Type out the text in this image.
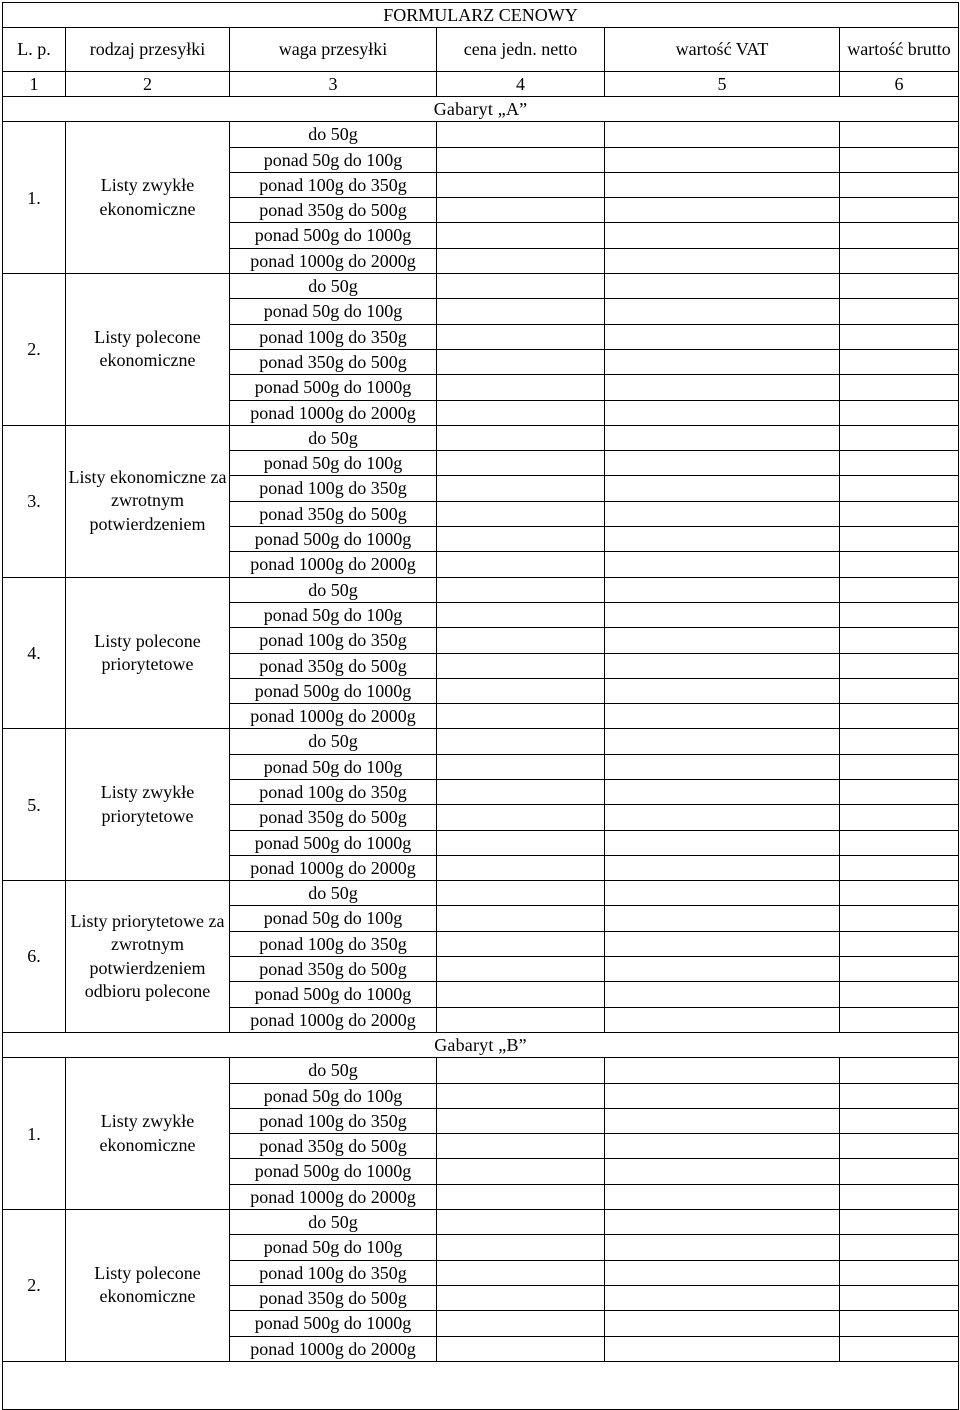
FORMULARZ CENOWY					
L. p.	rodzaj przesyłki	waga przesyłki	cena jedn. netto	wartość VAT	wartość brutto
1	2	3	4	5	6
Gabaryt „A”					
1.	Listy zwykłe ekonomiczne	do 50g			
		ponad 50g do 100g			
		ponad 100g do 350g			
		ponad 350g do 500g			
		ponad 500g do 1000g			
		ponad 1000g do 2000g			
2.	Listy polecone ekonomiczne	do 50g			
		ponad 50g do 100g			
		ponad 100g do 350g			
		ponad 350g do 500g			
		ponad 500g do 1000g			
		ponad 1000g do 2000g			
3.	Listy ekonomiczne za zwrotnym potwierdzeniem	do 50g			
		ponad 50g do 100g			
		ponad 100g do 350g			
		ponad 350g do 500g			
		ponad 500g do 1000g			
		ponad 1000g do 2000g			
4.	Listy polecone priorytetowe	do 50g			
		ponad 50g do 100g			
		ponad 100g do 350g			
		ponad 350g do 500g			
		ponad 500g do 1000g			
		ponad 1000g do 2000g			
5.	Listy zwykłe priorytetowe	do 50g			
		ponad 50g do 100g			
		ponad 100g do 350g			
		ponad 350g do 500g			
		ponad 500g do 1000g			
		ponad 1000g do 2000g			
6.	Listy priorytetowe za zwrotnym potwierdzeniem odbioru polecone	do 50g			
		ponad 50g do 100g			
		ponad 100g do 350g			
		ponad 350g do 500g			
		ponad 500g do 1000g			
		ponad 1000g do 2000g			
Gabaryt „B”					
1.	Listy zwykłe ekonomiczne	do 50g			
		ponad 50g do 100g			
		ponad 100g do 350g			
		ponad 350g do 500g			
		ponad 500g do 1000g			
		ponad 1000g do 2000g			
2.	Listy polecone ekonomiczne	do 50g			
		ponad 50g do 100g			
		ponad 100g do 350g			
		ponad 350g do 500g			
		ponad 500g do 1000g			
		ponad 1000g do 2000g			
